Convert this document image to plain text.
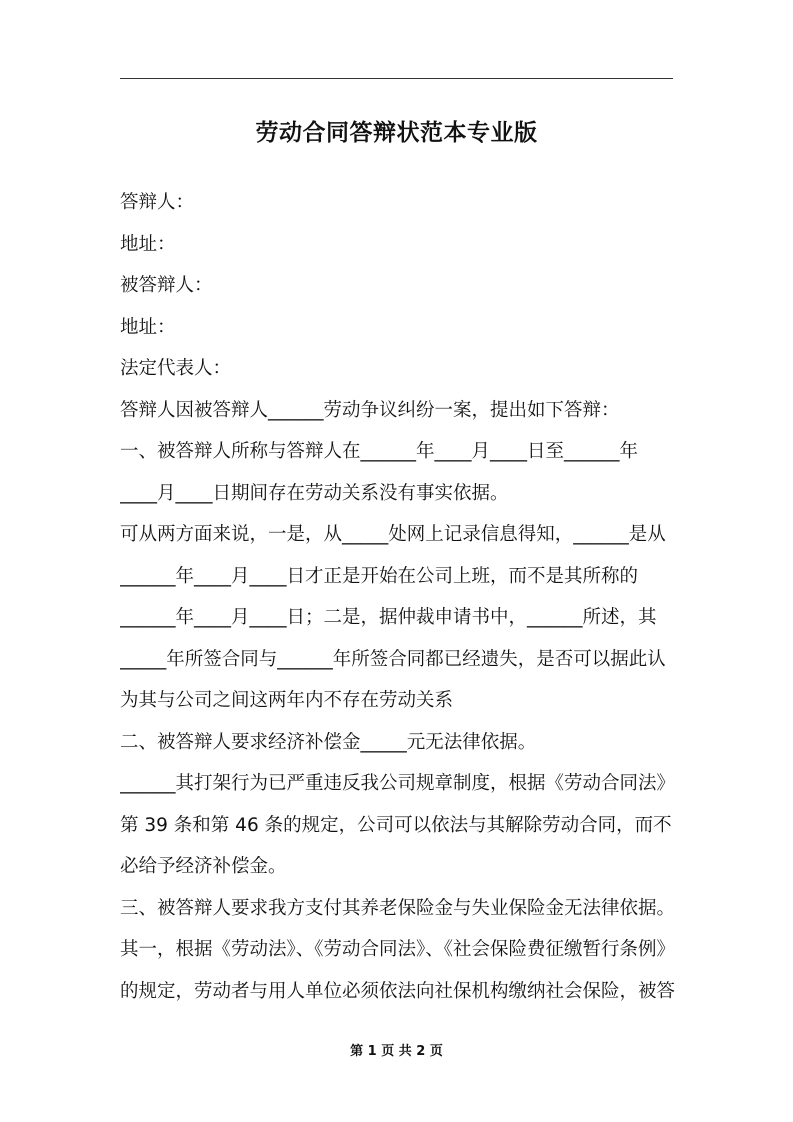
劳动合同答辩状范本专业版

答辩人：

地址：

被答辩人：

地址：

法定代表人：

答辩人因被答辩人______劳动争议纠纷一案，提出如下答辩：

一、被答辩人所称与答辩人在______年____月____日至______年

____月____日期间存在劳动关系没有事实依据。

可从两方面来说，一是，从_____处网上记录信息得知，______是从

______年____月____日才正是开始在公司上班，而不是其所称的

______年____月____日；二是，据仲裁申请书中，______所述，其

_____年所签合同与______年所签合同都已经遗失，是否可以据此认

为其与公司之间这两年内不存在劳动关系

二、被答辩人要求经济补偿金_____元无法律依据。

______其打架行为已严重违反我公司规章制度，根据《劳动合同法》

第 39 条和第 46 条的规定，公司可以依法与其解除劳动合同，而不

必给予经济补偿金。

三、被答辩人要求我方支付其养老保险金与失业保险金无法律依据。

其一，根据《劳动法》、《劳动合同法》、《社会保险费征缴暂行条例》

的规定，劳动者与用人单位必须依法向社保机构缴纳社会保险，被答

第 1 页 共 2 页
